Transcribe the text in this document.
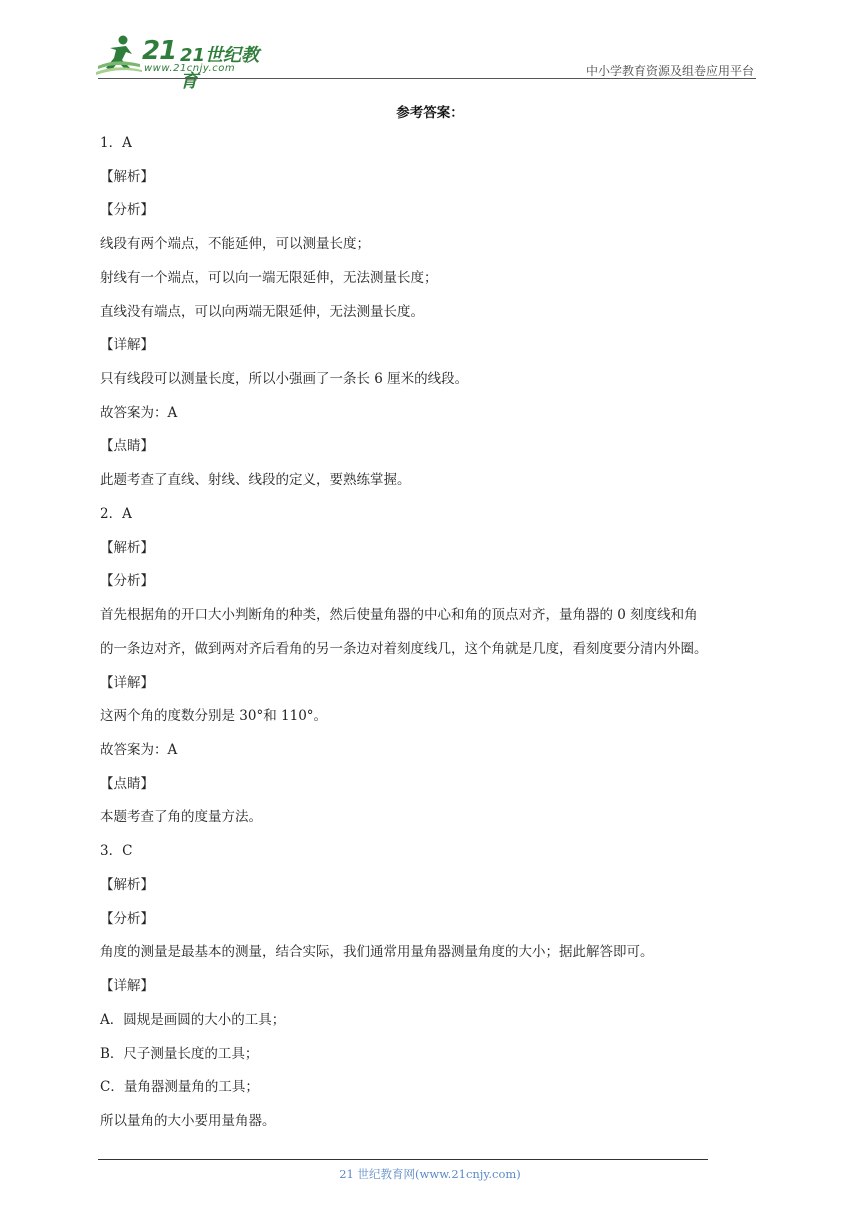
21 21世纪教育
www.21cnjy.com	中小学教育资源及组卷应用平台
参考答案：
1．A
【解析】
【分析】
线段有两个端点，不能延伸，可以测量长度；
射线有一个端点，可以向一端无限延伸，无法测量长度；
直线没有端点，可以向两端无限延伸，无法测量长度。
【详解】
只有线段可以测量长度，所以小强画了一条长 6 厘米的线段。
故答案为：A
【点睛】
此题考查了直线、射线、线段的定义，要熟练掌握。
2．A
【解析】
【分析】
首先根据角的开口大小判断角的种类，然后使量角器的中心和角的顶点对齐，量角器的 0 刻度线和角
的一条边对齐，做到两对齐后看角的另一条边对着刻度线几，这个角就是几度，看刻度要分清内外圈。
【详解】
这两个角的度数分别是 30°和 110°。
故答案为：A
【点睛】
本题考查了角的度量方法。
3．C
【解析】
【分析】
角度的测量是最基本的测量，结合实际，我们通常用量角器测量角度的大小；据此解答即可。
【详解】
A．圆规是画圆的大小的工具；
B．尺子测量长度的工具；
C．量角器测量角的工具；
所以量角的大小要用量角器。
21 世纪教育网(www.21cnjy.com)
